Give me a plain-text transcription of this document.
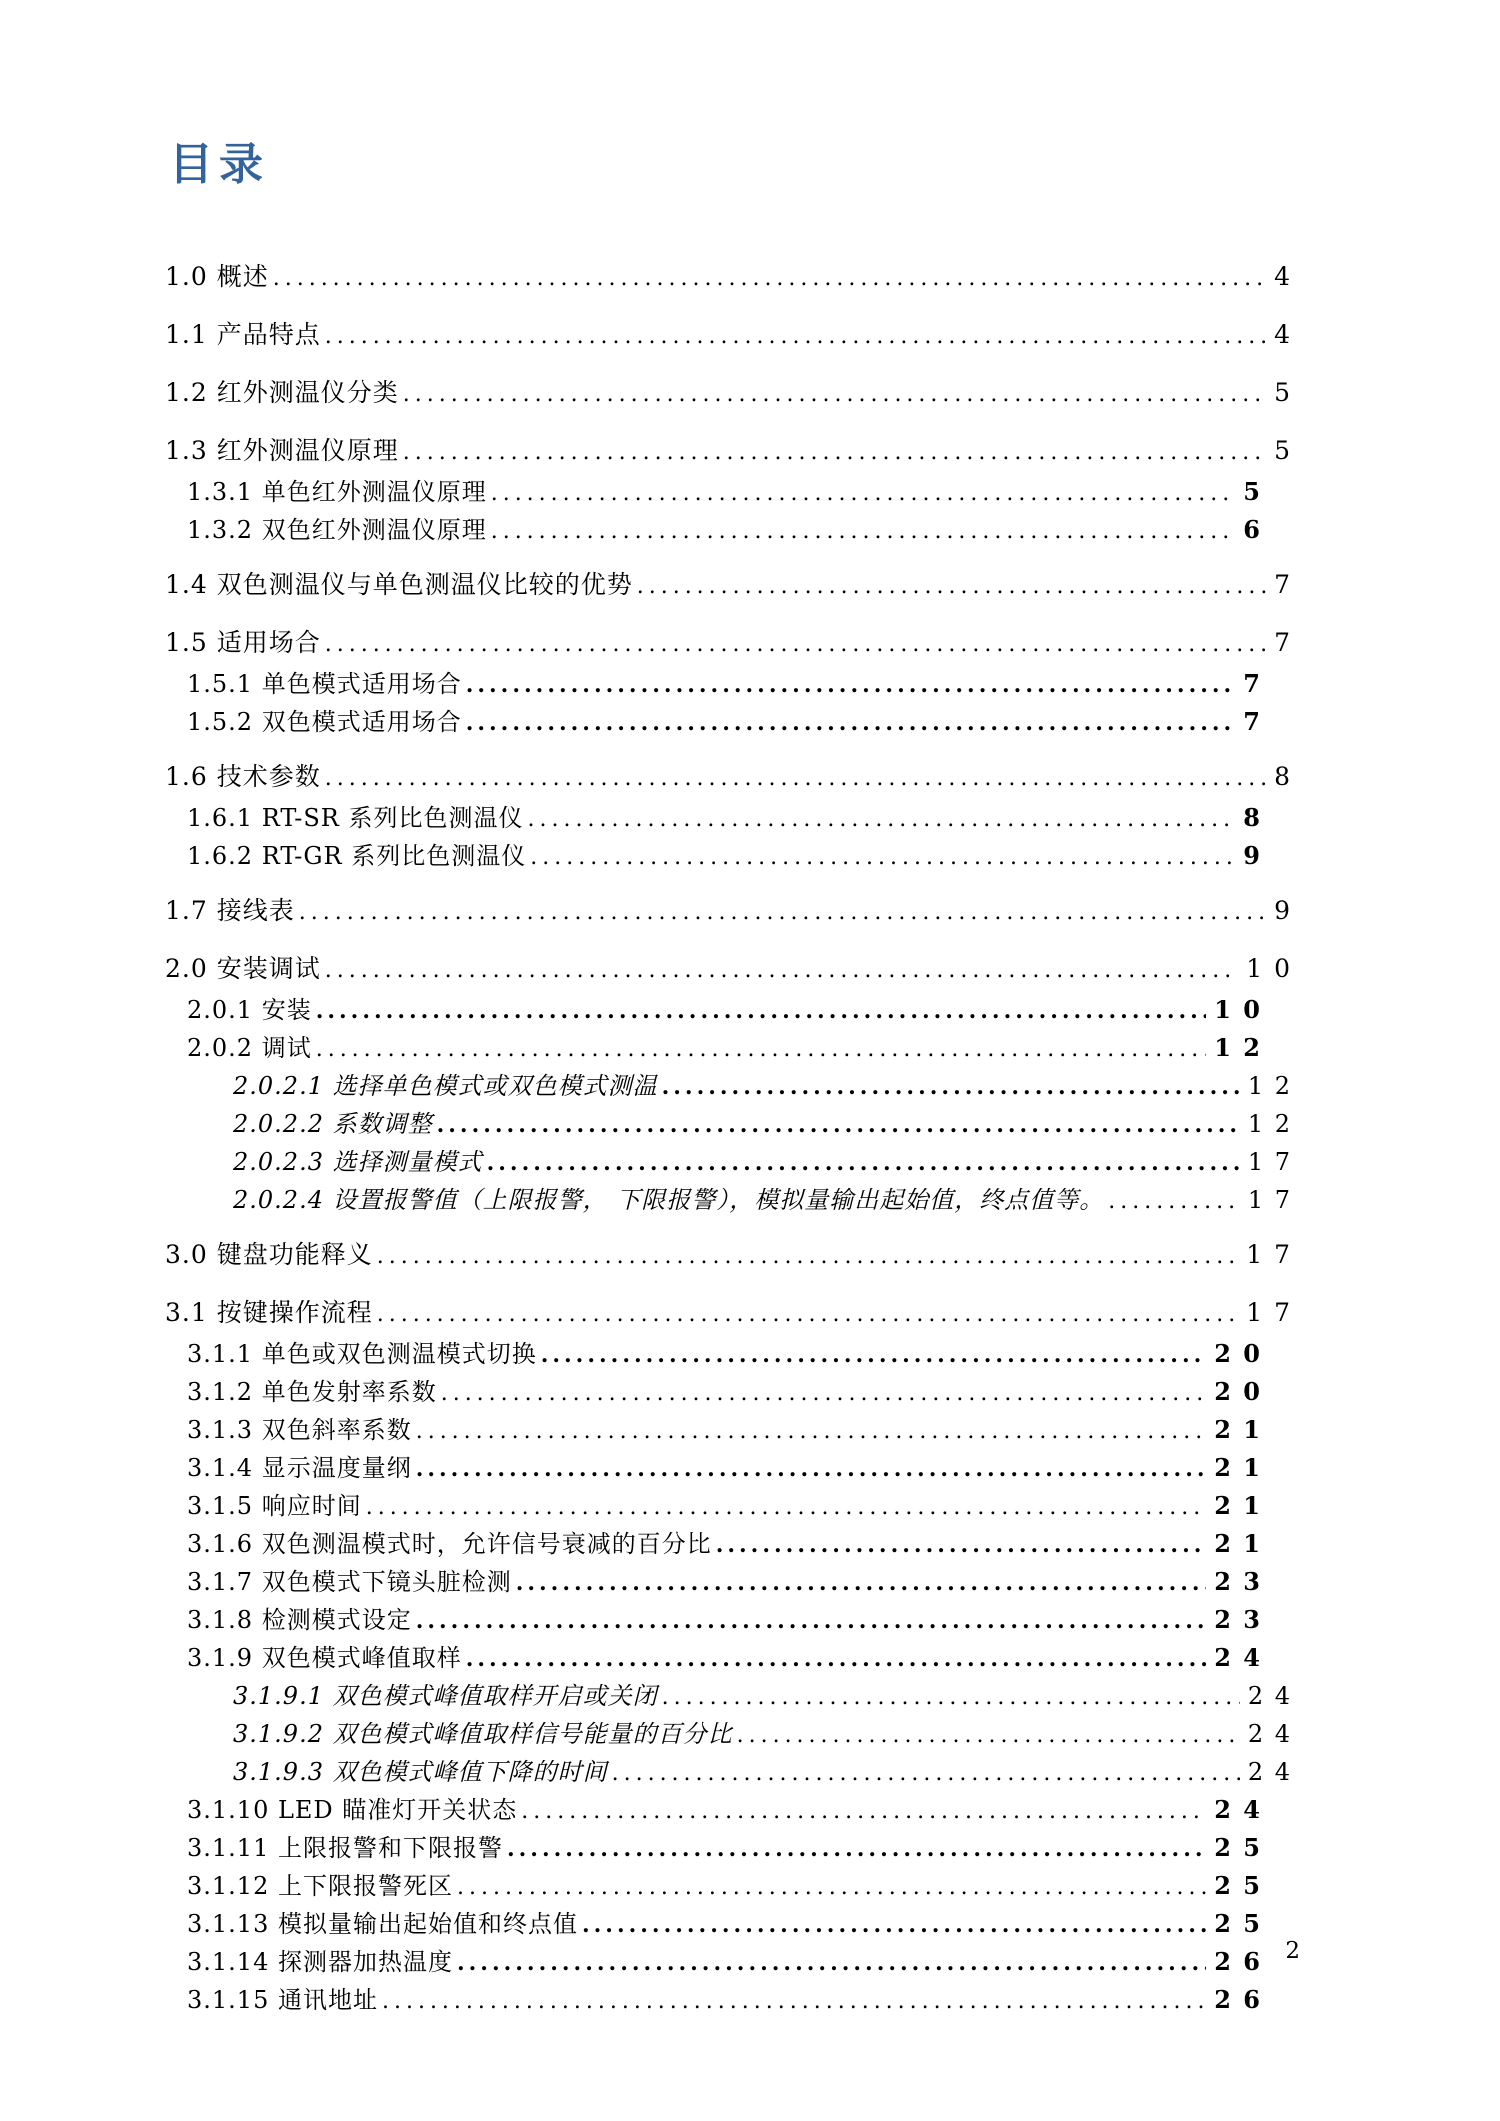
目录
1.0 概述 .....	4
1.1 产品特点 .....	4
1.2 红外测温仪分类 .....	5
1.3 红外测温仪原理 .....	5
1.3.1 单色红外测温仪原理 .....	5
1.3.2 双色红外测温仪原理 .....	6
1.4 双色测温仪与单色测温仪比较的优势 .....	7
1.5 适用场合 .....	7
1.5.1 单色模式适用场合 .....	7
1.5.2 双色模式适用场合 .....	7
1.6 技术参数 .....	8
1.6.1 RT-SR 系列比色测温仪 .....	8
1.6.2 RT-GR 系列比色测温仪 .....	9
1.7 接线表 .....	9
2.0 安装调试 .....	1 0
2.0.1 安装 .....	1 0
2.0.2 调试 .....	1 2
2.0.2.1 选择单色模式或双色模式测温 .....	1 2
2.0.2.2 系数调整 .....	1 2
2.0.2.3 选择测量模式 .....	1 7
2.0.2.4 设置报警值（上限报警， 下限报警），模拟量输出起始值，终点值等。 .....	1 7
3.0 键盘功能释义 .....	1 7
3.1 按键操作流程 .....	1 7
3.1.1 单色或双色测温模式切换 .....	2 0
3.1.2 单色发射率系数 .....	2 0
3.1.3 双色斜率系数 .....	2 1
3.1.4 显示温度量纲 .....	2 1
3.1.5 响应时间 .....	2 1
3.1.6 双色测温模式时，允许信号衰减的百分比 .....	2 1
3.1.7 双色模式下镜头脏检测 .....	2 3
3.1.8 检测模式设定 .....	2 3
3.1.9 双色模式峰值取样 .....	2 4
3.1.9.1 双色模式峰值取样开启或关闭 .....	2 4
3.1.9.2 双色模式峰值取样信号能量的百分比 .....	2 4
3.1.9.3 双色模式峰值下降的时间 .....	2 4
3.1.10 LED 瞄准灯开关状态 .....	2 4
3.1.11 上限报警和下限报警 .....	2 5
3.1.12 上下限报警死区 .....	2 5
3.1.13 模拟量输出起始值和终点值 .....	2 5
3.1.14 探测器加热温度 .....	2 6
3.1.15 通讯地址 .....	2 6
2
